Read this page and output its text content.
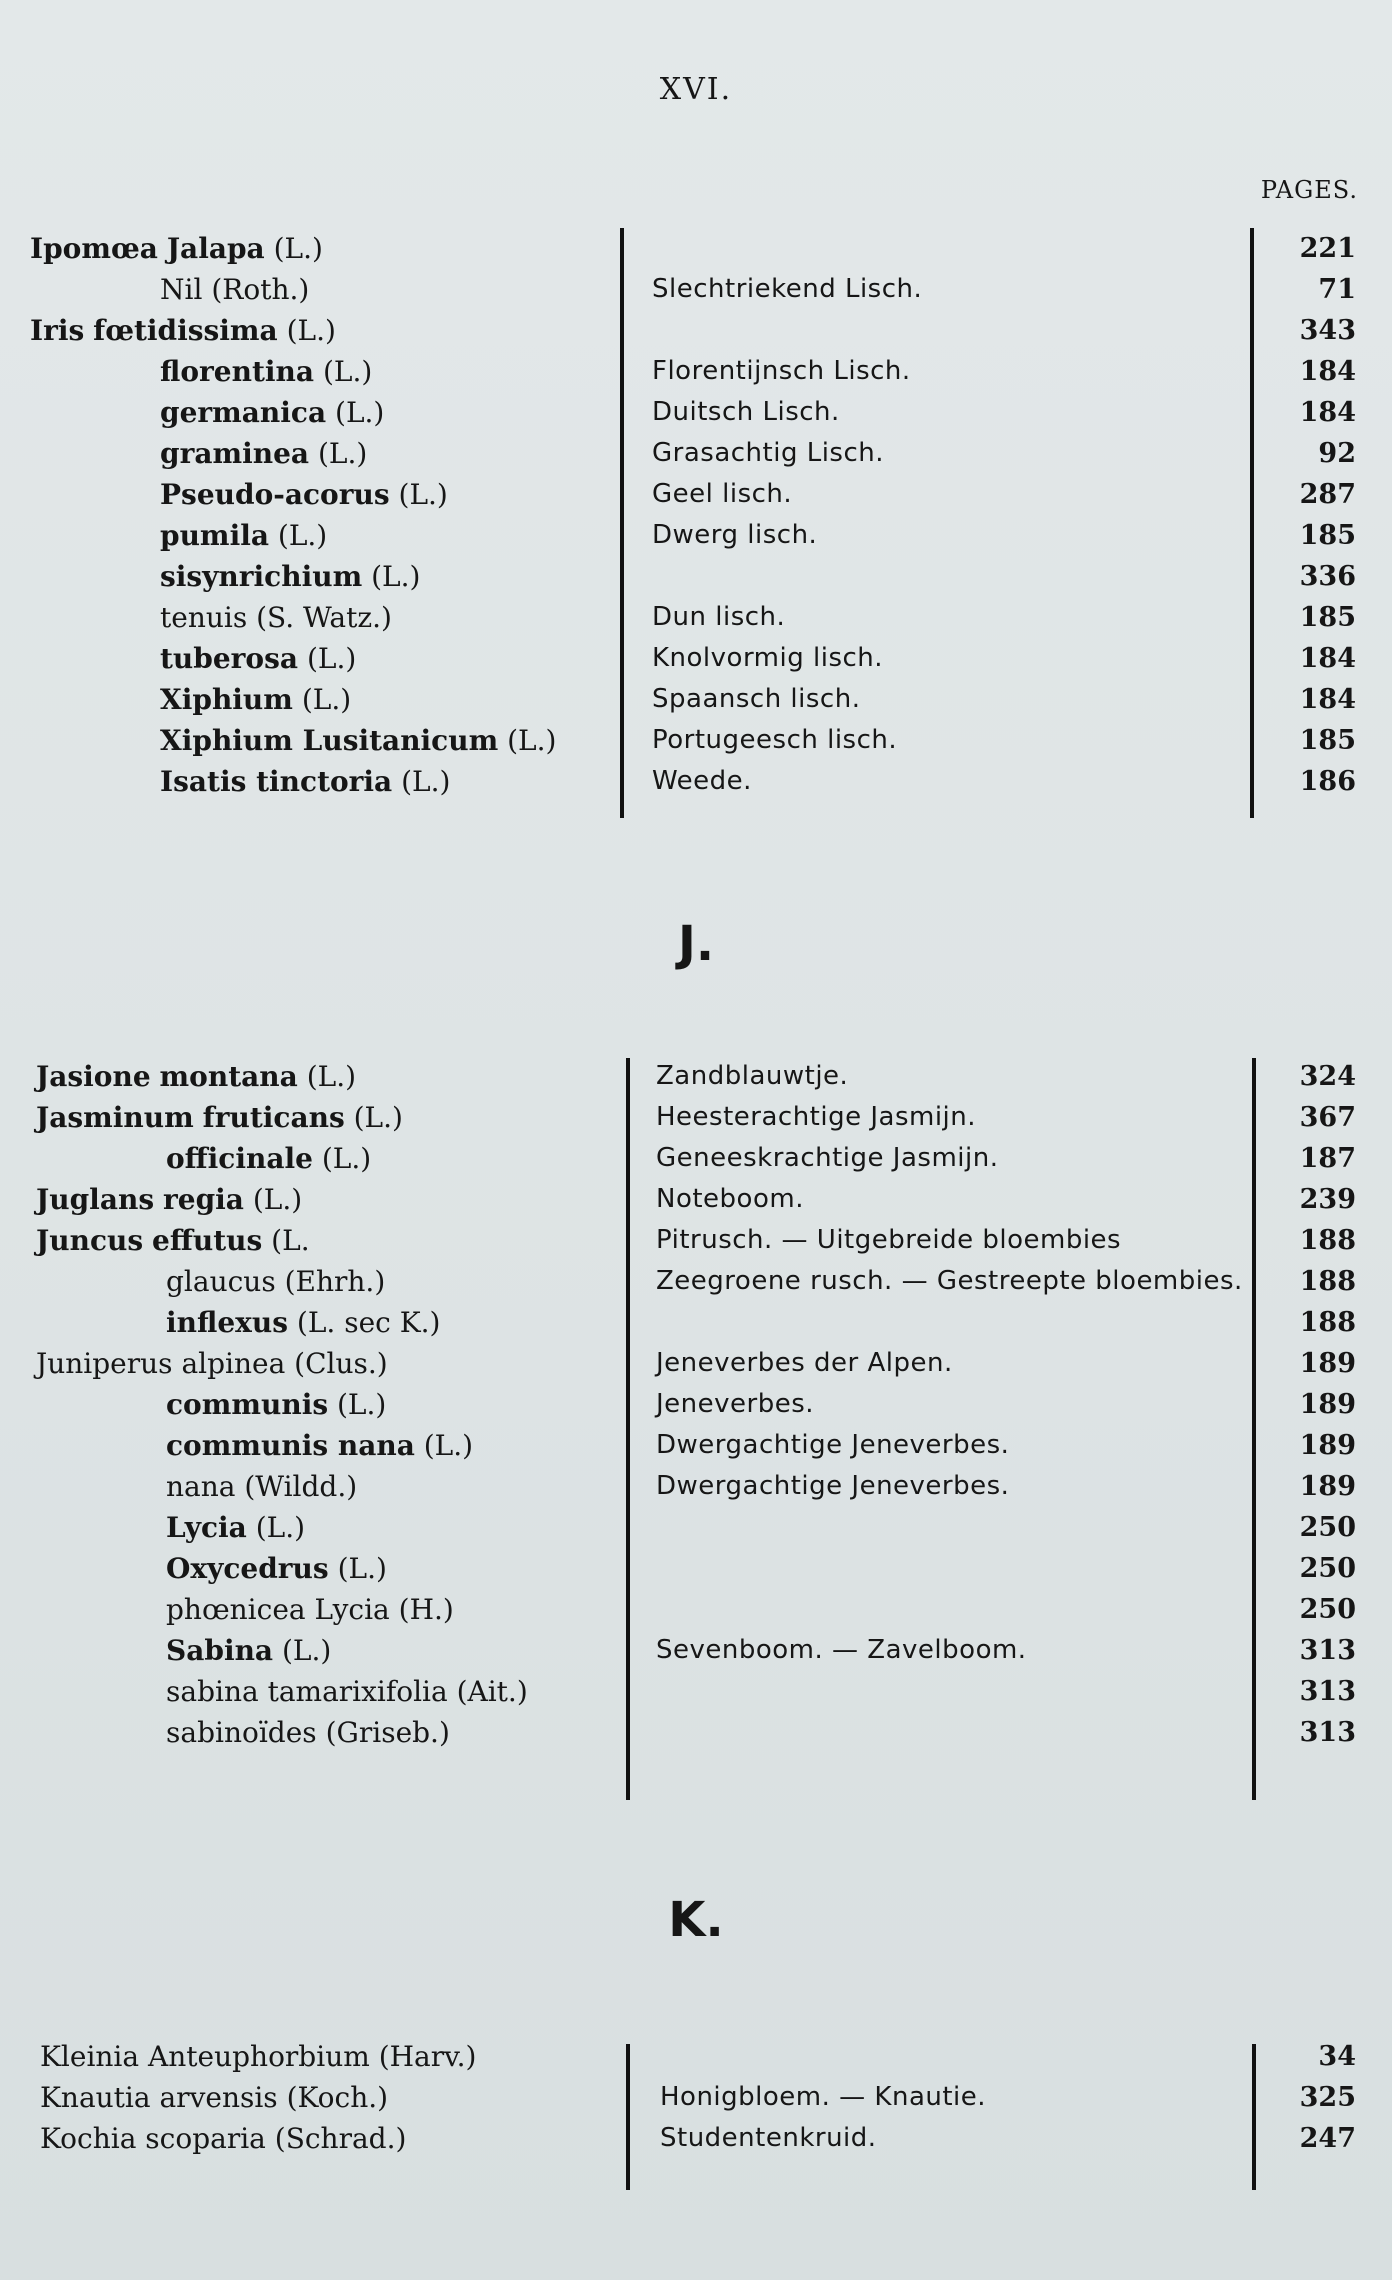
XVI.
PAGES.
Ipomœa Jalapa (L.)	221
Nil (Roth.)	Slechtriekend Lisch.	71
Iris fœtidissima (L.)	343
florentina (L.)	Florentijnsch Lisch.	184
germanica (L.)	Duitsch Lisch.	184
graminea (L.)	Grasachtig Lisch.	92
Pseudo-acorus (L.)	Geel lisch.	287
pumila (L.)	Dwerg lisch.	185
sisynrichium (L.)	336
tenuis (S. Watz.)	Dun lisch.	185
tuberosa (L.)	Knolvormig lisch.	184
Xiphium (L.)	Spaansch lisch.	184
Xiphium Lusitanicum (L.)	Portugeesch lisch.	185
Isatis tinctoria (L.)	Weede.	186
J.
Jasione montana (L.)	Zandblauwtje.	324
Jasminum fruticans (L.)	Heesterachtige Jasmijn.	367
officinale (L.)	Geneeskrachtige Jasmijn.	187
Juglans regia (L.)	Noteboom.	239
Juncus effutus (L.	Pitrusch. — Uitgebreide bloembies	188
glaucus (Ehrh.)	Zeegroene rusch. — Gestreepte bloembies. 188
inflexus (L. sec K.)	188
Juniperus alpinea (Clus.)	Jeneverbes der Alpen.	189
communis (L.)	Jeneverbes.	189
communis nana (L.)	Dwergachtige Jeneverbes.	189
nana (Wildd.)	Dwergachtige Jeneverbes.	189
Lycia (L.)	250
Oxycedrus (L.)	250
phœnicea Lycia (H.)	250
Sabina (L.)	Sevenboom. — Zavelboom.	313
sabina tamarixifolia (Ait.)	313
sabinoïdes (Griseb.)	313
K.
Kleinia Anteuphorbium (Harv.)	34
Knautia arvensis (Koch.)	Honigbloem. — Knautie.	325
Kochia scoparia (Schrad.)	Studentenkruid.	247
